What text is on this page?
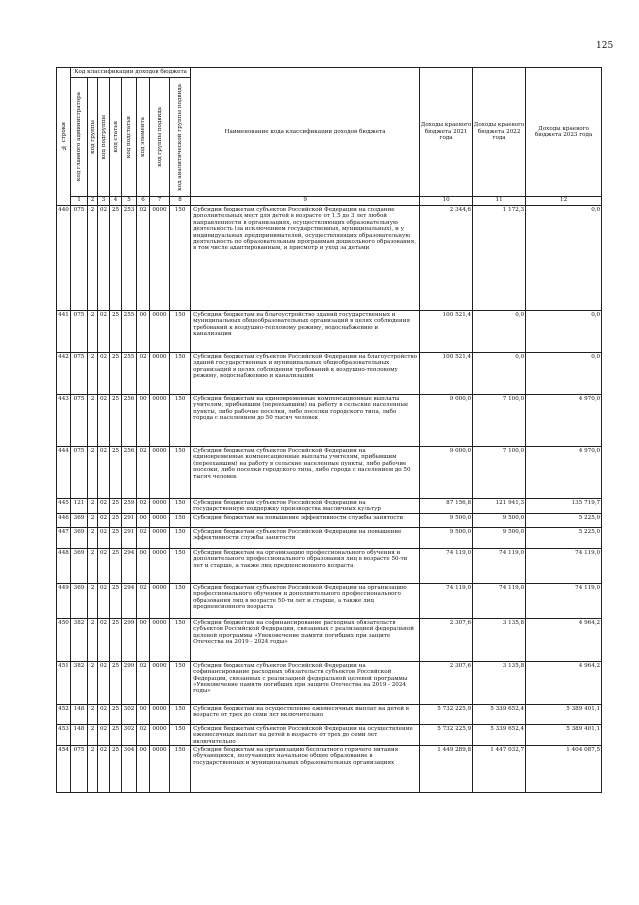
125
№ строки	Код классификации доходов бюджета								Наименование кода классификации доходов бюджета	Доходы краевого бюджета 2021 года	Доходы краевого бюджета 2022 года	Доходы краевого бюджета 2023 года

	код главного администратора	код группы	код подгруппы	код статьи	код подстатьи	код элемента	код группы подвида	код аналитической группы подвида				

	1	2	3	4	5	6	7	8	9	10	11	12
440	075	2	02	25	253	02	0000	150	Субсидии бюджетам субъектов Российской Федерации на создание дополнительных мест для детей в возрасте от 1,5 до 3 лет любой направленности в организациях, осуществляющих образовательную деятельность (за исключением государственных, муниципальных), и у индивидуальных предпринимателей, осуществляющих образовательную деятельность по образовательным программам дошкольного образования, в том числе адаптированным, и присмотр и уход за детьми	2 344,6	1 172,3	0,0
441	075	2	02	25	255	00	0000	150	Субсидии бюджетам на благоустройство зданий государственных и муниципальных общеобразовательных организаций в целях соблюдения требований к воздушно-тепловому режиму, водоснабжению и канализации	100 521,4	0,0	0,0
442	075	2	02	25	255	02	0000	150	Субсидии бюджетам субъектов Российской Федерации на благоустройство зданий государственных и муниципальных общеобразовательных организаций в целях соблюдения требований к воздушно-тепловому режиму, водоснабжению и канализации	100 521,4	0,0	0,0
443	075	2	02	25	256	00	0000	150	Субсидии бюджетам на единовременные компенсационные выплаты учителям, прибывшим (переехавшим) на работу в сельские населенные пункты, либо рабочие поселки, либо поселки городского типа, либо города с населением до 50 тысяч человек	9 000,0	7 100,0	4 970,0
444	075	2	02	25	256	02	0000	150	Субсидии бюджетам субъектов Российской Федерации на единовременные компенсационные выплаты учителям, прибывшим (переехавшим) на работу в сельские населенные пункты, либо рабочие поселки, либо поселки городского типа, либо города с населением до 50 тысяч человек	9 000,0	7 100,0	4 970,0
445	121	2	02	25	259	02	0000	150	Субсидии бюджетам субъектов Российской Федерации на государственную поддержку производства масличных культур	87 156,8	121 941,3	135 719,7
446	369	2	02	25	291	00	0000	150	Субсидии бюджетам на повышение эффективности службы занятости	9 500,0	9 500,0	5 225,0
447	369	2	02	25	291	02	0000	150	Субсидии бюджетам субъектов Российской Федерации на повышение эффективности службы занятости	9 500,0	9 500,0	5 225,0
448	369	2	02	25	294	00	0000	150	Субсидии бюджетам на организацию профессионального обучения и дополнительного профессионального образования лиц в возрасте 50-ти лет и старше, а также лиц предпенсионного возраста	74 119,0	74 119,0	74 119,0
449	369	2	02	25	294	02	0000	150	Субсидии бюджетам субъектов Российской Федерации на организацию профессионального обучения и дополнительного профессионального образования лиц в возрасте 50-ти лет и старше, а также лиц предпенсионного возраста	74 119,0	74 119,0	74 119,0
450	382	2	02	25	299	00	0000	150	Субсидии бюджетам на софинансирование расходных обязательств субъектов Российской Федерации, связанных с реализацией федеральной целевой программы «Увековечение памяти погибших при защите Отечества на 2019 - 2024 годы»	2 307,6	3 135,8	4 964,2
451	382	2	02	25	299	02	0000	150	Субсидии бюджетам субъектов Российской Федерации на софинансирование расходных обязательств субъектов Российской Федерации, связанных с реализацией федеральной целевой программы «Увековечение памяти погибших при защите Отечества на 2019 - 2024 годы»	2 307,6	3 135,8	4 964,2
452	148	2	02	25	302	00	0000	150	Субсидии бюджетам на осуществление ежемесячных выплат на детей в возрасте от трех до семи лет включительно	5 732 225,9	5 339 652,4	5 389 401,1
453	148	2	02	25	302	02	0000	150	Субсидии бюджетам субъектов Российской Федерации на осуществление ежемесячных выплат на детей в возрасте от трех до семи лет включительно	5 732 225,9	5 339 652,4	5 389 401,1
454	075	2	02	25	304	00	0000	150	Субсидии бюджетам на организацию бесплатного горячего питания обучающихся, получающих начальное общее образование в государственных и муниципальных образовательных организациях	1 449 289,8	1 447 032,7	1 404 087,5
